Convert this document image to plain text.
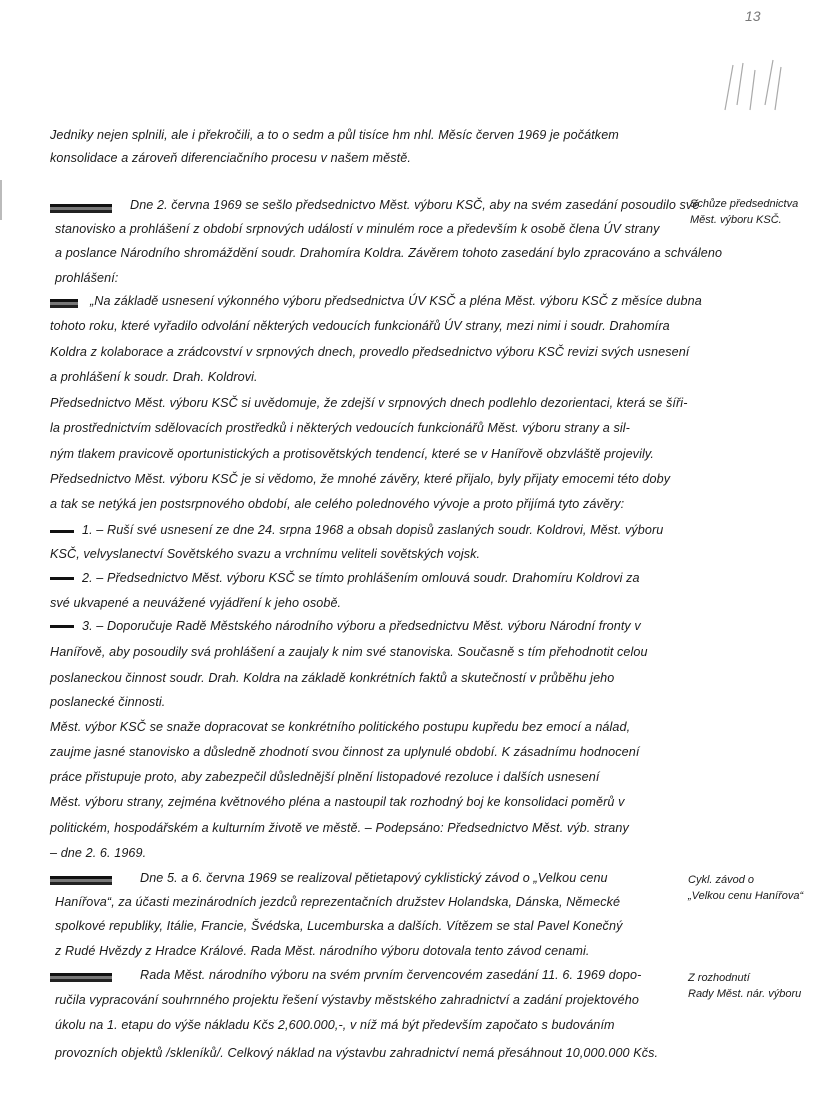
13
Jedniky nejen splnili, ale i překročili, a to o sedm a půl tisíce hm nhl. Měsíc červen 1969 je počátkem
konsolidace a zároveň diferenciačního procesu v našem městě.
Dne 2. června 1969 se sešlo předsednictvo Měst. výboru KSČ, aby na svém zasedání posoudilo své
stanovisko a prohlášení z období srpnových událostí v minulém roce a především k osobě člena ÚV strany
a poslance Národního shromáždění soudr. Drahomíra Koldra. Závěrem tohoto zasedání bylo zpracováno a schváleno
prohlášení:
Schůze předsednictva
Měst. výboru KSČ.
„Na základě usnesení výkonného výboru předsednictva ÚV KSČ a pléna Měst. výboru KSČ z měsíce dubna
tohoto roku, které vyřadilo odvolání některých vedoucích funkcionářů ÚV strany, mezi nimi i soudr. Drahomíra
Koldra z kolaborace a zrádcovství v srpnových dnech, provedlo předsednictvo výboru KSČ revizi svých usnesení
a prohlášení k soudr. Drah. Koldrovi.
Předsednictvo Měst. výboru KSČ si uvědomuje, že zdejší v srpnových dnech podlehlo dezorientaci, která se šíři-
la prostřednictvím sdělovacích prostředků i některých vedoucích funkcionářů Měst. výboru strany a sil-
ným tlakem pravicově oportunistických a protisovětských tendencí, které se v Hanířově obzvláště projevily.
Předsednictvo Měst. výboru KSČ je si vědomo, že mnohé závěry, které přijalo, byly přijaty emocemi této doby
a tak se netýká jen postsrpnového období, ale celého polednového vývoje a proto přijímá tyto závěry:
1. – Ruší své usnesení ze dne 24. srpna 1968 a obsah dopisů zaslaných soudr. Koldrovi, Měst. výboru
KSČ, velvyslanectví Sovětského svazu a vrchnímu veliteli sovětských vojsk.
2. – Předsednictvo Měst. výboru KSČ se tímto prohlášením omlouvá soudr. Drahomíru Koldrovi za
své ukvapené a neuvážené vyjádření k jeho osobě.
3. – Doporučuje Radě Městského národního výboru a předsednictvu Měst. výboru Národní fronty v
Hanířově, aby posoudily svá prohlášení a zaujaly k nim své stanoviska. Současně s tím přehodnotit celou
poslaneckou činnost soudr. Drah. Koldra na základě konkrétních faktů a skutečností v průběhu jeho
poslanecké činnosti.
Měst. výbor KSČ se snaže dopracovat se konkrétního politického postupu kupředu bez emocí a nálad,
zaujme jasné stanovisko a důsledně zhodnotí svou činnost za uplynulé období. K zásadnímu hodnocení
práce přistupuje proto, aby zabezpečil důslednější plnění listopadové rezoluce i dalších usnesení
Měst. výboru strany, zejména květnového pléna a nastoupil tak rozhodný boj ke konsolidaci poměrů v
politickém, hospodářském a kulturním životě ve městě. – Podepsáno: Předsednictvo Měst. výb. strany
– dne 2. 6. 1969.
Dne 5. a 6. června 1969 se realizoval pětietapový cyklistický závod o „Velkou cenu
Hanířova“, za účasti mezinárodních jezdců reprezentačních družstev Holandska, Dánska, Německé
spolkové republiky, Itálie, Francie, Švédska, Lucemburska a dalších. Vítězem se stal Pavel Konečný
z Rudé Hvězdy z Hradce Králové. Rada Měst. národního výboru dotovala tento závod cenami.
Cykl. závod o
„Velkou cenu Hanířova“
Rada Měst. národního výboru na svém prvním červencovém zasedání 11. 6. 1969 dopo-
ručila vypracování souhrnného projektu řešení výstavby městského zahradnictví a zadání projektového
úkolu na 1. etapu do výše nákladu Kčs 2,600.000,-, v níž má být především započato s budováním
provozních objektů /skleníků/. Celkový náklad na výstavbu zahradnictví nemá přesáhnout 10,000.000 Kčs.
Z rozhodnutí
Rady Měst. nár. výboru
